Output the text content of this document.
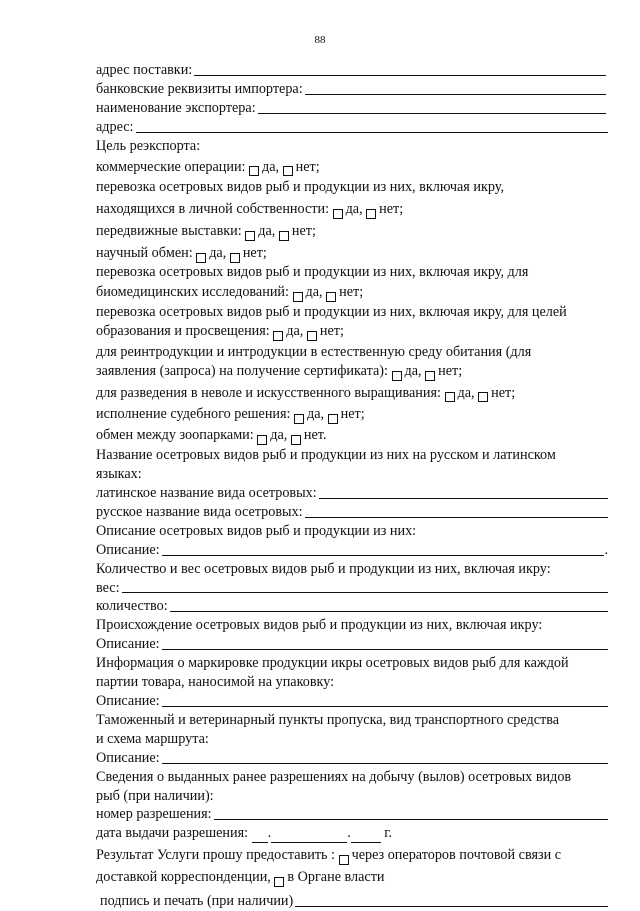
88
адрес поставки:
банковские реквизиты импортера:
наименование экспортера:
адрес:
Цель реэкспорта:
коммерческие операции:
да,
нет;
перевозка осетровых видов рыб и продукции из них, включая икру,
находящихся в личной собственности:
да,
нет;
передвижные выставки:
да,
нет;
научный обмен:
да,
нет;
перевозка осетровых видов рыб и продукции из них, включая икру, для
биомедицинских исследований:
да,
нет;
перевозка осетровых видов рыб и продукции из них, включая икру, для целей
образования и просвещения:
да,
нет;
для реинтродукции и интродукции в естественную среду обитания (для
заявления (запроса) на получение сертификата):
да,
нет;
для разведения в неволе и искусственного выращивания:
да,
нет;
исполнение судебного решения:
да,
нет;
обмен между зоопарками:
да,
нет.
Название осетровых видов рыб и продукции из них на русском и латинском
языках:
латинское название вида осетровых:
русское название вида осетровых:
Описание осетровых видов рыб и продукции из них:
Описание:	.
Количество и вес осетровых видов рыб и продукции из них, включая икру:
вес:
количество:
Происхождение осетровых видов рыб и продукции из них, включая икру:
Описание:
Информация о маркировке продукции икры осетровых видов рыб для каждой
партии товара, наносимой на упаковку:
Описание:
Таможенный и ветеринарный пункты пропуска, вид транспортного средства
и схема маршрута:
Описание:
Сведения о выданных ранее разрешениях на добычу (вылов) осетровых видов
рыб (при наличии):
номер разрешения:
дата выдачи разрешения:
.	.
г.
Результат Услуги прошу предоставить :
через операторов почтовой связи с
доставкой корреспонденции,
в Органе власти
подпись и печать (при наличии)
